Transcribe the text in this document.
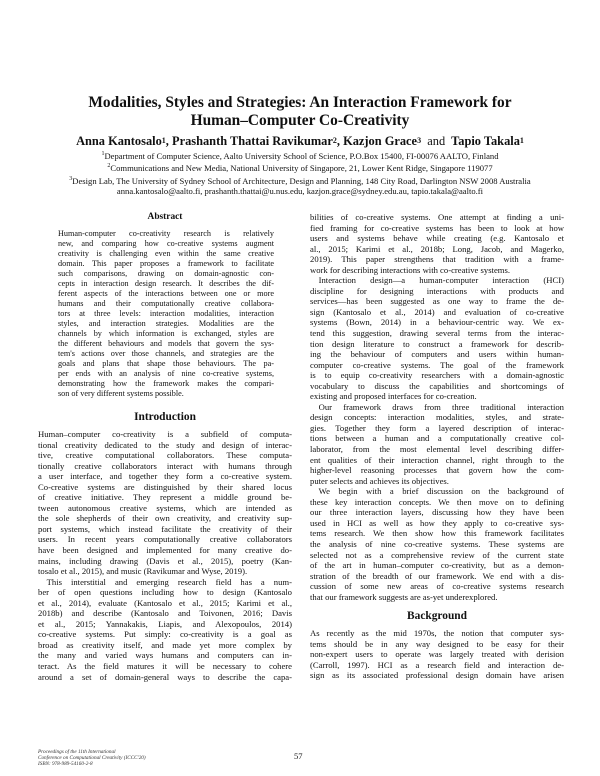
Modalities, Styles and Strategies: An Interaction Framework for
Human–Computer Co-Creativity
Anna Kantosalo$^1$, Prashanth Thattai Ravikumar$^2$, Kazjon Grace$^3$ and Tapio Takala$^1$
$^1$Department of Computer Science, Aalto University School of Science, P.O.Box 15400, FI-00076 AALTO, Finland
$^2$Communications and New Media, National University of Singapore, 21, Lower Kent Ridge, Singapore 119077
$^3$Design Lab, The University of Sydney School of Architecture, Design and Planning, 148 City Road, Darlington NSW 2008 Australia
anna.kantosalo@aalto.fi, prashanth.thattai@u.nus.edu, kazjon.grace@sydney.edu.au, tapio.takala@aalto.fi
Abstract
Human-computer co-creativity research is relatively
new, and comparing how co-creative systems augment
creativity is challenging even within the same creative
domain. This paper proposes a framework to facilitate
such comparisons, drawing on domain-agnostic con-
cepts in interaction design research. It describes the dif-
ferent aspects of the interactions between one or more
humans and their computationally creative collabora-
tors at three levels: interaction modalities, interaction
styles, and interaction strategies. Modalities are the
channels by which information is exchanged, styles are
the different behaviours and models that govern the sys-
tem's actions over those channels, and strategies are the
goals and plans that shape those behaviours. The pa-
per ends with an analysis of nine co-creative systems,
demonstrating how the framework makes the compari-
son of very different systems possible.
Introduction
Human–computer co-creativity is a subfield of computa-
tional creativity dedicated to the study and design of interac-
tive, creative computational collaborators. These computa-
tionally creative collaborators interact with humans through
a user interface, and together they form a co-creative system.
Co-creative systems are distinguished by their shared locus
of creative initiative. They represent a middle ground be-
tween autonomous creative systems, which are intended as
the sole shepherds of their own creativity, and creativity sup-
port systems, which instead facilitate the creativity of their
users. In recent years computationally creative collaborators
have been designed and implemented for many creative do-
mains, including drawing (Davis et al., 2015), poetry (Kan-
tosalo et al., 2015), and music (Ravikumar and Wyse, 2019).
 This interstitial and emerging research field has a num-
ber of open questions including how to design (Kantosalo
et al., 2014), evaluate (Kantosalo et al., 2015; Karimi et al.,
2018b) and describe (Kantosalo and Toivonen, 2016; Davis
et al., 2015; Yannakakis, Liapis, and Alexopoulos, 2014)
co-creative systems. Put simply: co-creativity is a goal as
broad as creativity itself, and made yet more complex by
the many and varied ways humans and computers can in-
teract. As the field matures it will be necessary to cohere
around a set of domain-general ways to describe the capa-
bilities of co-creative systems. One attempt at finding a uni-
fied framing for co-creative systems has been to look at how
users and systems behave while creating (e.g. Kantosalo et
al., 2015; Karimi et al., 2018b; Long, Jacob, and Magerko,
2019). This paper strengthens that tradition with a frame-
work for describing interactions with co-creative systems.
 Interaction design—a human-computer interaction (HCI)
discipline for designing interactions with products and
services—has been suggested as one way to frame the de-
sign (Kantosalo et al., 2014) and evaluation of co-creative
systems (Bown, 2014) in a behaviour-centric way. We ex-
tend this suggestion, drawing several terms from the interac-
tion design literature to construct a framework for describ-
ing the behaviour of computers and users within human-
computer co-creative systems. The goal of the framework
is to equip co-creativity researchers with a domain-agnostic
vocabulary to discuss the capabilities and shortcomings of
existing and proposed interfaces for co-creation.
 Our framework draws from three traditional interaction
design concepts: interaction modalities, styles, and strate-
gies. Together they form a layered description of interac-
tions between a human and a computationally creative col-
laborator, from the most elemental level describing differ-
ent qualities of their interaction channel, right through to the
higher-level reasoning processes that govern how the com-
puter selects and achieves its objectives.
 We begin with a brief discussion on the background of
these key interaction concepts. We then move on to defining
our three interaction layers, discussing how they have been
used in HCI as well as how they apply to co-creative sys-
tems research. We then show how this framework facilitates
the analysis of nine co-creative systems. These systems are
selected not as a comprehensive review of the current state
of the art in human–computer co-creativity, but as a demon-
stration of the breadth of our framework. We end with a dis-
cussion of some new areas of co-creative systems research
that our framework suggests are as-yet underexplored.
Background
As recently as the mid 1970s, the notion that computer sys-
tems should be in any way designed to be easy for their
non-expert users to operate was largely treated with derision
(Carroll, 1997). HCI as a research field and interaction de-
sign as its associated professional design domain have arisen
Proceedings of the 11th International
Conference on Computational Creativity (ICCC'20)
ISBN: 978-989-54160-2-8
57
